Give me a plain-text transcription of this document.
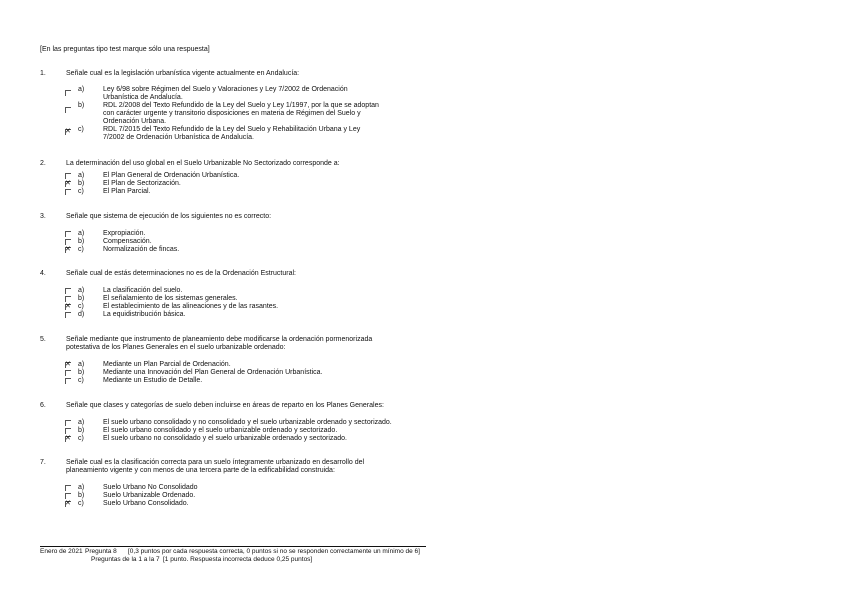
[En las preguntas tipo test marque sólo una respuesta]
1.	Señale cual es la legislación urbanística vigente actualmente en Andalucía:
a)	Ley 6/98 sobre Régimen del Suelo y Valoraciones y Ley 7/2002 de Ordenación Urbanística de Andalucía.
b)	RDL 2/2008 del Texto Refundido de la Ley del Suelo y Ley 1/1997, por la que se adoptan con carácter urgente y transitorio disposiciones en materia de Régimen del Suelo y Ordenación Urbana.
✕
c)	RDL 7/2015 del Texto Refundido de la Ley del Suelo y Rehabilitación Urbana y Ley 7/2002 de Ordenación Urbanística de Andalucía.
2.	La determinación del uso global en el Suelo Urbanizable No Sectorizado corresponde a:
a)	El Plan General de Ordenación Urbanística.
✕
b)	El Plan de Sectorización.
c)	El Plan Parcial.
3.	Señale que sistema de ejecución de los siguientes no es correcto:
a)	Expropiación.
b)	Compensación.
✕
c)	Normalización de fincas.
4.	Señale cual de estás determinaciones no es de la Ordenación Estructural:
a)	La clasificación del suelo.
b)	El señalamiento de los sistemas generales.
✕
c)	El establecimiento de las alineaciones y de las rasantes.
d)	La equidistribución básica.
5.	Señale mediante que instrumento de planeamiento debe modificarse la ordenación pormenorizada potestativa de los Planes Generales en el suelo urbanizable ordenado:
✕
a)	Mediante un Plan Parcial de Ordenación.
b)	Mediante una Innovación del Plan General de Ordenación Urbanística.
c)	Mediante un Estudio de Detalle.
6.	Señale que clases y categorías de suelo deben incluirse en áreas de reparto en los Planes Generales:
a)	El suelo urbano consolidado y no consolidado y el suelo urbanizable ordenado y sectorizado.
b)	El suelo urbano consolidado y el suelo urbanizable ordenado y sectorizado.
✕
c)	El suelo urbano no consolidado y el suelo urbanizable ordenado y sectorizado.
7.	Señale cual es la clasificación correcta para un suelo íntegramente urbanizado en desarrollo del planeamiento vigente y con menos de una tercera parte de la edificabilidad construida:
a)	Suelo Urbano No Consolidado
b)	Suelo Urbanizable Ordenado.
✕
c)	Suelo Urbano Consolidado.
Enero de 2021 Pregunta 8 [0,3 puntos por cada respuesta correcta, 0 puntos si no se responden correctamente un mínimo de 6]
Preguntas de la 1 a la 7 [1 punto. Respuesta incorrecta deduce 0,25 puntos]
